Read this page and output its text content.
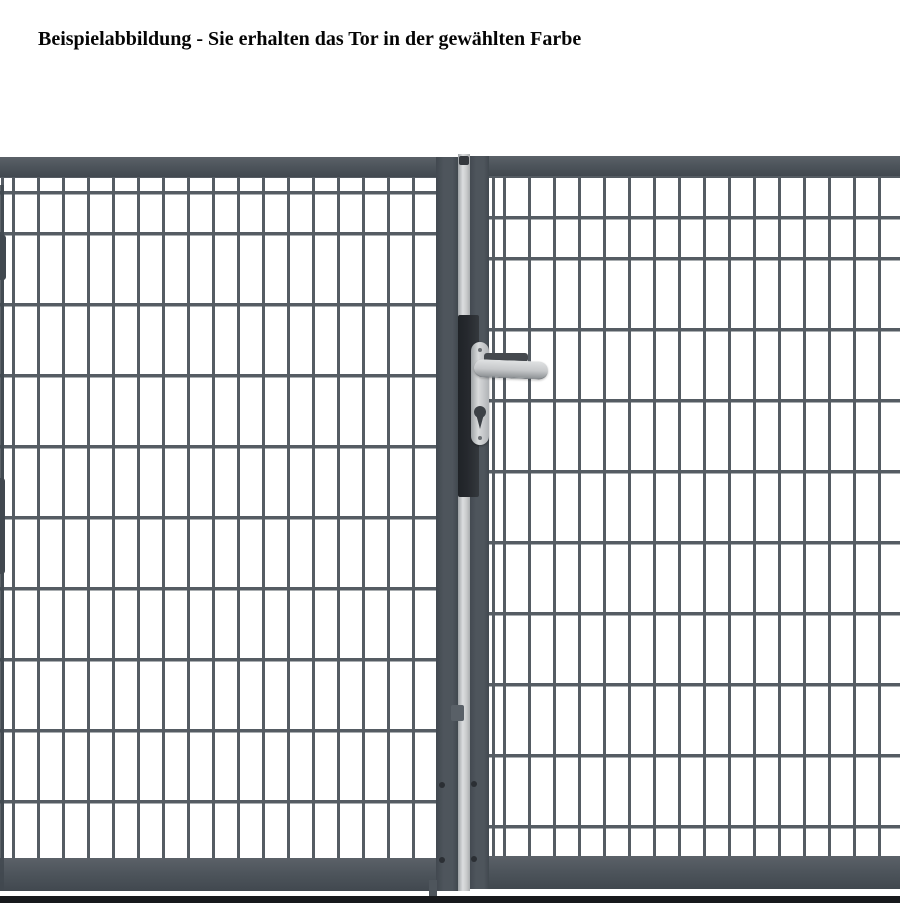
Beispielabbildung - Sie erhalten das Tor in der gewählten Farbe
